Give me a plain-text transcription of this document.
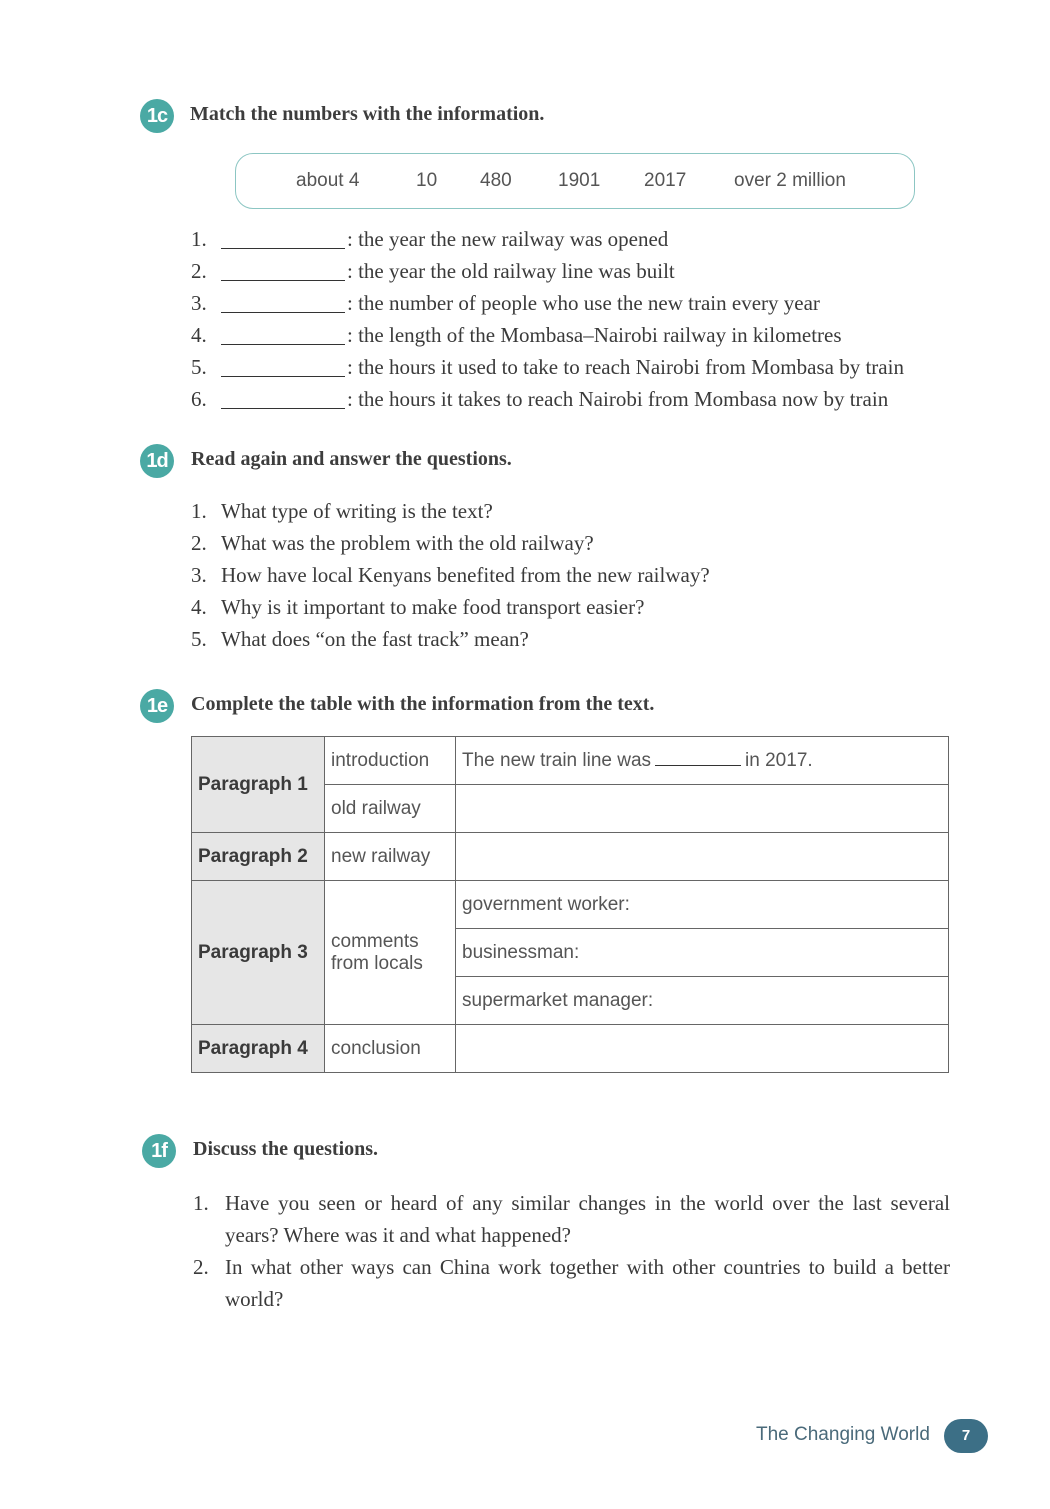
1c	Match the numbers with the information.
about 4	10 480 1901 2017	over 2 million
1.	: the year the new railway was opened
2.	: the year the old railway line was built
3.	: the number of people who use the new train every year
4.	: the length of the Mombasa–Nairobi railway in kilometres
5.	: the hours it used to take to reach Nairobi from Mombasa by train
6.	: the hours it takes to reach Nairobi from Mombasa now by train
1d	Read again and answer the questions.
1. What type of writing is the text?
2. What was the problem with the old railway?
3. How have local Kenyans benefited from the new railway?
4. Why is it important to make food transport easier?
5. What does “on the fast track” mean?
1e	Complete the table with the information from the text.
Paragraph 1	introduction	The new train line was in 2017.
	old railway	
Paragraph 2	new railway	
Paragraph 3	comments from locals	government worker:
		businessman:
		supermarket manager:
Paragraph 4	conclusion	
1f	Discuss the questions.
1. Have you seen or heard of any similar changes in the world over the last several years? Where was it and what happened?
2. In what other ways can China work together with other countries to build a better world?
The Changing World	7
